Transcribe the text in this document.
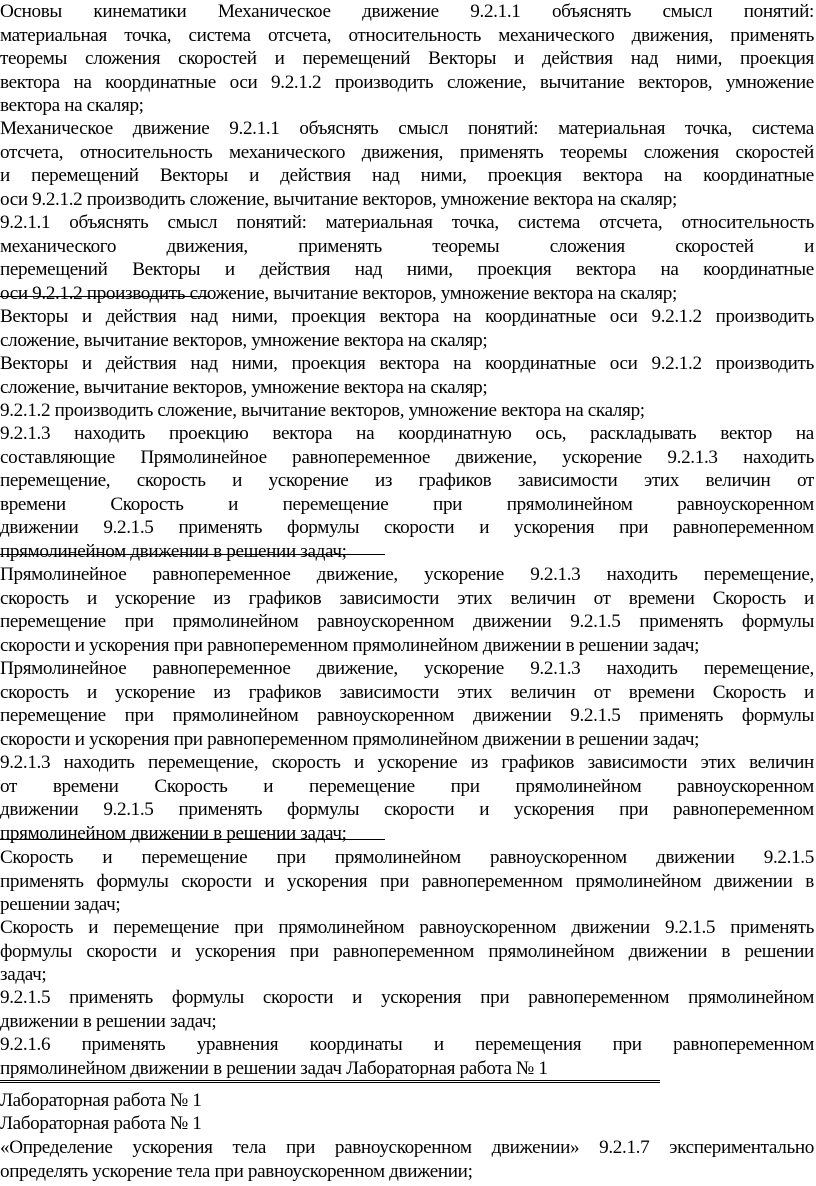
Основы кинематики Механическое движение 9.2.1.1 объяснять смысл понятий:
материальная точка, система отсчета, относительность механического движения, применять
теоремы сложения скоростей и перемещений Векторы и действия над ними, проекция
вектора на координатные оси 9.2.1.2 производить сложение, вычитание векторов, умножение
вектора на скаляр;
Механическое движение 9.2.1.1 объяснять смысл понятий: материальная точка, система
отсчета, относительность механического движения, применять теоремы сложения скоростей
и перемещений Векторы и действия над ними, проекция вектора на координатные
оси 9.2.1.2 производить сложение, вычитание векторов, умножение вектора на скаляр;
9.2.1.1 объяснять смысл понятий: материальная точка, система отсчета, относительность
механического движения, применять теоремы сложения скоростей и
перемещений Векторы и действия над ними, проекция вектора на координатные
оси 9.2.1.2 производить сложение, вычитание векторов, умножение вектора на скаляр;
Векторы и действия над ними, проекция вектора на координатные оси 9.2.1.2 производить
сложение, вычитание векторов, умножение вектора на скаляр;
Векторы и действия над ними, проекция вектора на координатные оси 9.2.1.2 производить
сложение, вычитание векторов, умножение вектора на скаляр;
9.2.1.2 производить сложение, вычитание векторов, умножение вектора на скаляр;
9.2.1.3 находить проекцию вектора на координатную ось, раскладывать вектор на
составляющие Прямолинейное равнопеременное движение, ускорение 9.2.1.3 находить
перемещение, скорость и ускорение из графиков зависимости этих величин от
времени Скорость и перемещение при прямолинейном равноускоренном
движении 9.2.1.5 применять формулы скорости и ускорения при равнопеременном
прямолинейном движении в решении задач;
Прямолинейное равнопеременное движение, ускорение 9.2.1.3 находить перемещение,
скорость и ускорение из графиков зависимости этих величин от времени Скорость и
перемещение при прямолинейном равноускоренном движении 9.2.1.5 применять формулы
скорости и ускорения при равнопеременном прямолинейном движении в решении задач;
Прямолинейное равнопеременное движение, ускорение 9.2.1.3 находить перемещение,
скорость и ускорение из графиков зависимости этих величин от времени Скорость и
перемещение при прямолинейном равноускоренном движении 9.2.1.5 применять формулы
скорости и ускорения при равнопеременном прямолинейном движении в решении задач;
9.2.1.3 находить перемещение, скорость и ускорение из графиков зависимости этих величин
от времени Скорость и перемещение при прямолинейном равноускоренном
движении 9.2.1.5 применять формулы скорости и ускорения при равнопеременном
прямолинейном движении в решении задач;
Скорость и перемещение при прямолинейном равноускоренном движении 9.2.1.5
применять формулы скорости и ускорения при равнопеременном прямолинейном движении в
решении задач;
Скорость и перемещение при прямолинейном равноускоренном движении 9.2.1.5 применять
формулы скорости и ускорения при равнопеременном прямолинейном движении в решении
задач;
9.2.1.5 применять формулы скорости и ускорения при равнопеременном прямолинейном
движении в решении задач;
9.2.1.6 применять уравнения координаты и перемещения при равнопеременном
прямолинейном движении в решении задач Лабораторная работа № 1
Лабораторная работа № 1
Лабораторная работа № 1
«Определение ускорения тела при равноускоренном движении» 9.2.1.7 экспериментально
определять ускорение тела при равноускоренном движении;
